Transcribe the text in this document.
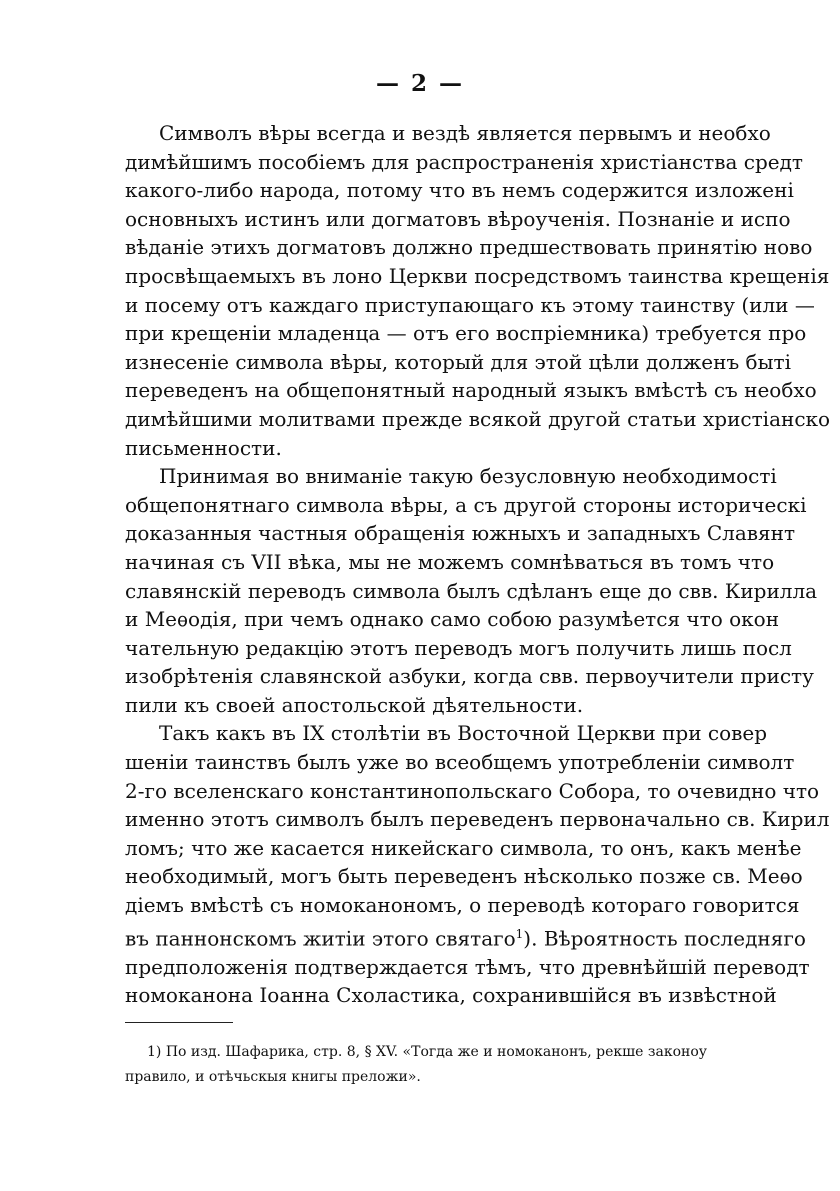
— 2 —
Символъ вѣры всегда и вездѣ является первымъ и необхо
димѣйшимъ пособіемъ для распространенія христіанства средт
какого-либо народа, потому что въ немъ содержится изложені
основныхъ истинъ или догматовъ вѣроученія. Познаніе и испо
вѣданіе этихъ догматовъ должно предшествовать принятію ново
просвѣщаемыхъ въ лоно Церкви посредствомъ таинства крещенія
и посему отъ каждаго приступающаго къ этому таинству (или —
при крещеніи младенца — отъ его воспріемника) требуется про
изнесеніе символа вѣры, который для этой цѣли долженъ быті
переведенъ на общепонятный народный языкъ вмѣстѣ съ необхо
димѣйшими молитвами прежде всякой другой статьи христіанско
письменности.
Принимая во вниманіе такую безусловную необходимості
общепонятнаго символа вѣры, а съ другой стороны историческі
доказанныя частныя обращенія южныхъ и западныхъ Славянт
начиная съ VII вѣка, мы не можемъ сомнѣваться въ томъ что
славянскій переводъ символа былъ сдѣланъ еще до свв. Кирилла
и Меѳодія, при чемъ однако само собою разумѣется что окон
чательную редакцію этотъ переводъ могъ получить лишь посл
изобрѣтенія славянской азбуки, когда свв. первоучители присту
пили къ своей апостольской дѣятельности.
Такъ какъ въ IX столѣтіи въ Восточной Церкви при совер
шеніи таинствъ былъ уже во всеобщемъ употребленіи символт
2-го вселенскаго константинопольскаго Собора, то очевидно что
именно этотъ символъ былъ переведенъ первоначально св. Кирил
ломъ; что же касается никейскаго символа, то онъ, какъ менѣе
необходимый, могъ быть переведенъ нѣсколько позже св. Меѳо
діемъ вмѣстѣ съ номоканономъ, о переводѣ котораго говорится
въ паннонскомъ житіи этого святаго$^1$). Вѣроятность последняго
предположенія подтверждается тѣмъ, что древнѣйшій переводт
номоканона Іоанна Схоластика, сохранившійся въ извѣстной
1) По изд. Шафарика, стр. 8, § XV. «Тогда же и номоканонъ, рекше законоу
правило, и отѣчьскыя книгы преложи».
